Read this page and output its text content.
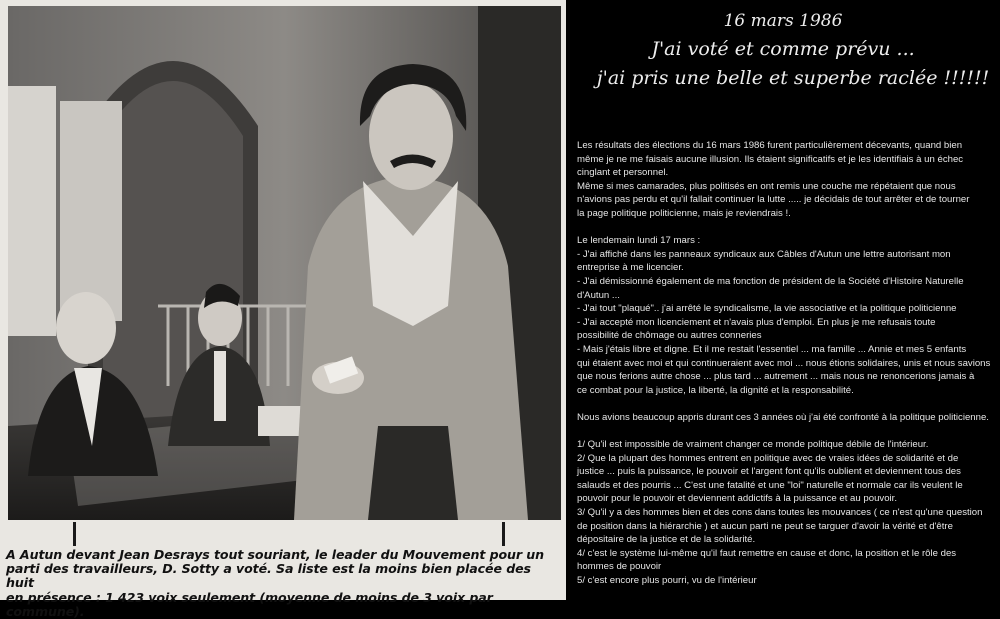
A Autun devant Jean Desrays tout souriant, le leader du Mouvement pour un

parti des travailleurs, D. Sotty a voté. Sa liste est la moins bien placée des huit

en présence : 1 423 voix seulement (moyenne de moins de 3 voix par commune).

16 mars 1986
J'ai voté et comme prévu ...
j'ai pris une belle et superbe raclée !!!!!!

Les résultats des élections du 16 mars 1986 furent particulièrement décevants, quand bien

même je ne me faisais aucune illusion. Ils étaient significatifs et je les identifiais à un échec

cinglant et personnel.

Même si mes camarades, plus politisés en ont remis une couche me répétaient que nous

n'avions pas perdu et qu'il fallait continuer la lutte ..... je décidais de tout arrêter et de tourner

la page politique politicienne, mais je reviendrais !.

Le lendemain lundi 17 mars :

- J'ai affiché dans les panneaux syndicaux aux Câbles d'Autun une lettre autorisant mon

entreprise à me licencier.

- J'ai démissionné également de ma fonction de président de la Société d'Histoire Naturelle

d'Autun ...

- J'ai tout "plaqué".. j'ai arrêté le syndicalisme, la vie associative et la politique politicienne

- J'ai accepté mon licenciement et n'avais plus d'emploi. En plus je me refusais toute

possibilité de chômage ou autres conneries

- Mais j'étais libre et digne. Et il me restait l'essentiel ... ma famille ... Annie et mes 5 enfants

qui étaient avec moi et qui continueraient avec moi ... nous étions solidaires, unis et nous savions

que nous ferions autre chose ... plus tard ... autrement ... mais nous ne renoncerions jamais à

ce combat pour la justice, la liberté, la dignité et la responsabilité.

Nous avions beaucoup appris durant ces 3 années où j'ai été confronté à la politique politicienne.

1/ Qu'il est impossible de vraiment changer ce monde politique débile de l'intérieur.

2/ Que la plupart des hommes entrent en politique avec de vraies idées de solidarité et de

justice ... puis la puissance, le pouvoir et l'argent font qu'ils oublient et deviennent tous des

salauds et des pourris ... C'est une fatalité et une "loi" naturelle et normale car ils veulent le

pouvoir pour le pouvoir et deviennent addictifs à la puissance et au pouvoir.

3/ Qu'il y a des hommes bien et des cons dans toutes les mouvances ( ce n'est qu'une question

de position dans la hiérarchie ) et aucun parti ne peut se targuer d'avoir la vérité et d'être

dépositaire de la justice et de la solidarité.

4/ c'est le système lui-même qu'il faut remettre en cause et donc, la position et le rôle des

hommes de pouvoir

5/ c'est encore plus pourri, vu de l'intérieur
